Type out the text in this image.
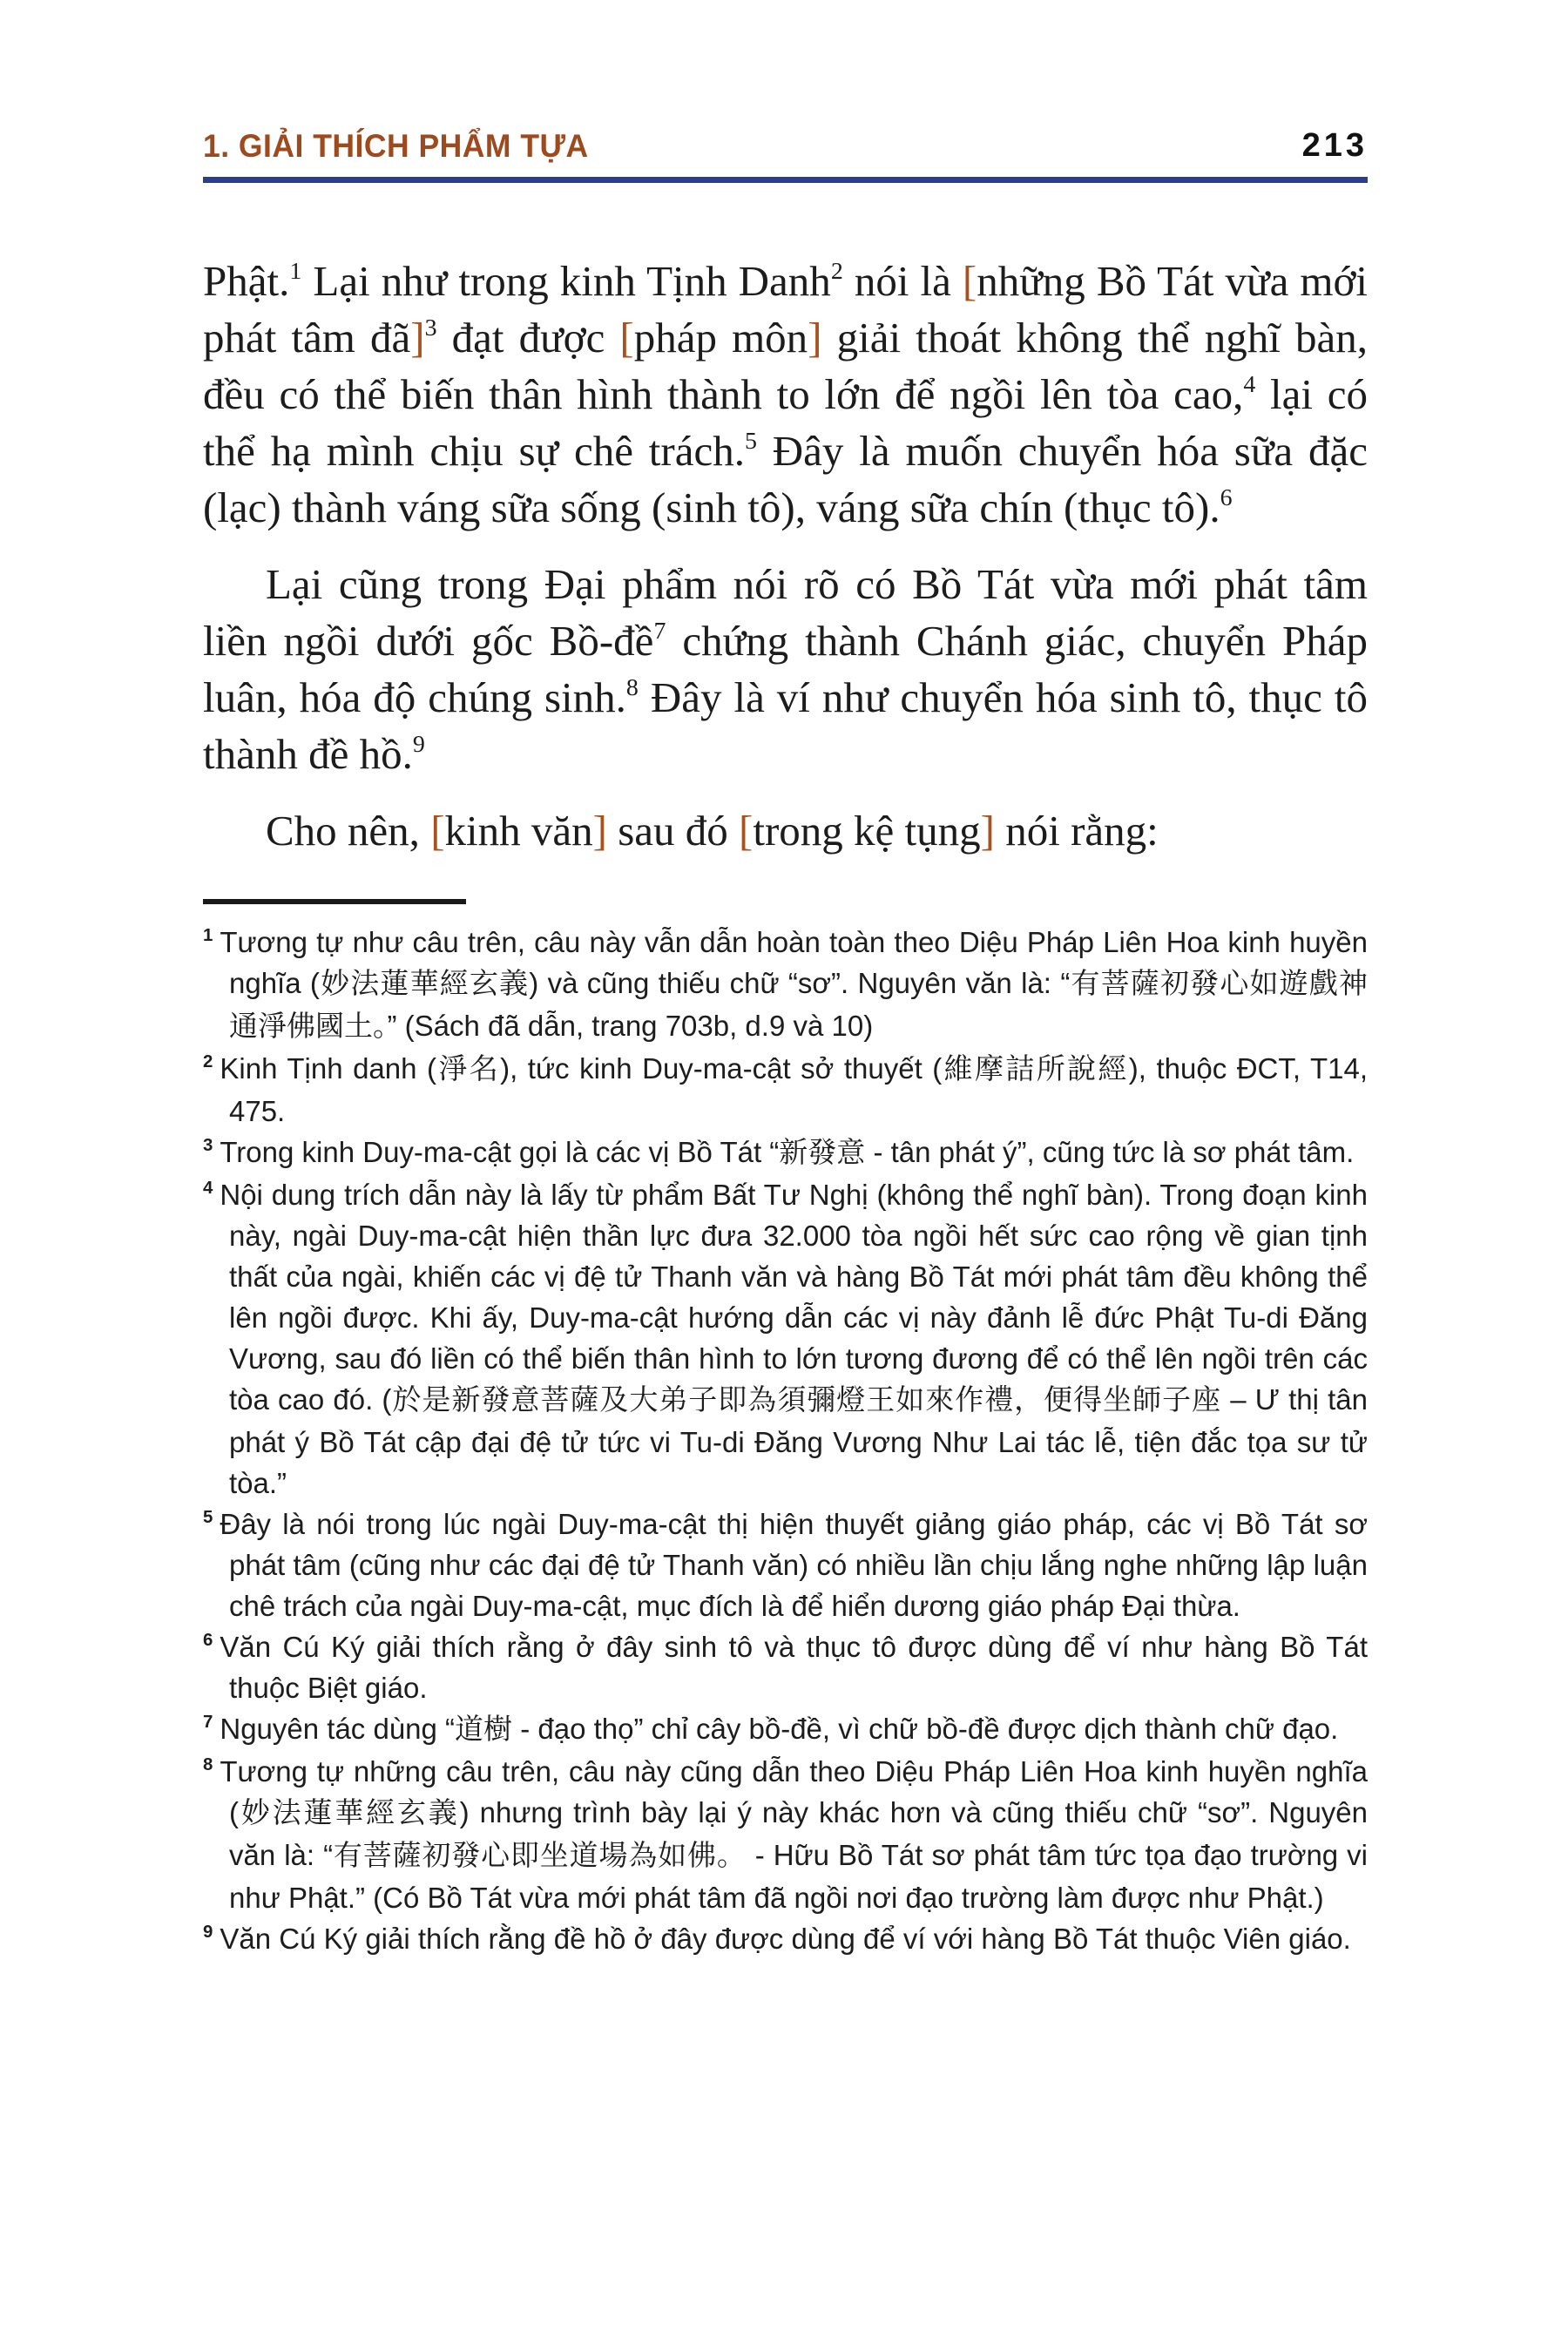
1. GIẢI THÍCH PHẨM TỰA	213

Phật.$^1$ Lại như trong kinh Tịnh Danh$^2$ nói là [những Bồ Tát vừa mới phát tâm đã]$^3$ đạt được [pháp môn] giải thoát không thể nghĩ bàn, đều có thể biến thân hình thành to lớn để ngồi lên tòa cao,$^4$ lại có thể hạ mình chịu sự chê trách.$^5$ Đây là muốn chuyển hóa sữa đặc (lạc) thành váng sữa sống (sinh tô), váng sữa chín (thục tô).$^6$

Lại cũng trong Đại phẩm nói rõ có Bồ Tát vừa mới phát tâm liền ngồi dưới gốc Bồ-đề$^7$ chứng thành Chánh giác, chuyển Pháp luân, hóa độ chúng sinh.$^8$ Đây là ví như chuyển hóa sinh tô, thục tô thành đề hồ.$^9$

Cho nên, [kinh văn] sau đó [trong kệ tụng] nói rằng:

$^1$ Tương tự như câu trên, câu này vẫn dẫn hoàn toàn theo Diệu Pháp Liên Hoa kinh huyền nghĩa (妙法蓮華經玄義) và cũng thiếu chữ “sơ”. Nguyên văn là: “有菩薩初發心如遊戲神通淨佛國土。” (Sách đã dẫn, trang 703b, d.9 và 10)

$^2$ Kinh Tịnh danh (淨名), tức kinh Duy-ma-cật sở thuyết (維摩詰所說經), thuộc ĐCT, T14, 475.

$^3$ Trong kinh Duy-ma-cật gọi là các vị Bồ Tát “新發意 - tân phát ý”, cũng tức là sơ phát tâm.

$^4$ Nội dung trích dẫn này là lấy từ phẩm Bất Tư Nghị (không thể nghĩ bàn). Trong đoạn kinh này, ngài Duy-ma-cật hiện thần lực đưa 32.000 tòa ngồi hết sức cao rộng về gian tịnh thất của ngài, khiến các vị đệ tử Thanh văn và hàng Bồ Tát mới phát tâm đều không thể lên ngồi được. Khi ấy, Duy-ma-cật hướng dẫn các vị này đảnh lễ đức Phật Tu-di Đăng Vương, sau đó liền có thể biến thân hình to lớn tương đương để có thể lên ngồi trên các tòa cao đó. (於是新發意菩薩及大弟子即為須彌燈王如來作禮，便得坐師子座 – Ư thị tân phát ý Bồ Tát cập đại đệ tử tức vi Tu-di Đăng Vương Như Lai tác lễ, tiện đắc tọa sư tử tòa.”

$^5$ Đây là nói trong lúc ngài Duy-ma-cật thị hiện thuyết giảng giáo pháp, các vị Bồ Tát sơ phát tâm (cũng như các đại đệ tử Thanh văn) có nhiều lần chịu lắng nghe những lập luận chê trách của ngài Duy-ma-cật, mục đích là để hiển dương giáo pháp Đại thừa.

$^6$ Văn Cú Ký giải thích rằng ở đây sinh tô và thục tô được dùng để ví như hàng Bồ Tát thuộc Biệt giáo.

$^7$ Nguyên tác dùng “道樹 - đạo thọ” chỉ cây bồ-đề, vì chữ bồ-đề được dịch thành chữ đạo.

$^8$ Tương tự những câu trên, câu này cũng dẫn theo Diệu Pháp Liên Hoa kinh huyền nghĩa (妙法蓮華經玄義) nhưng trình bày lại ý này khác hơn và cũng thiếu chữ “sơ”. Nguyên văn là: “有菩薩初發心即坐道場為如佛。 - Hữu Bồ Tát sơ phát tâm tức tọa đạo trường vi như Phật.” (Có Bồ Tát vừa mới phát tâm đã ngồi nơi đạo trường làm được như Phật.)

$^9$ Văn Cú Ký giải thích rằng đề hồ ở đây được dùng để ví với hàng Bồ Tát thuộc Viên giáo.
